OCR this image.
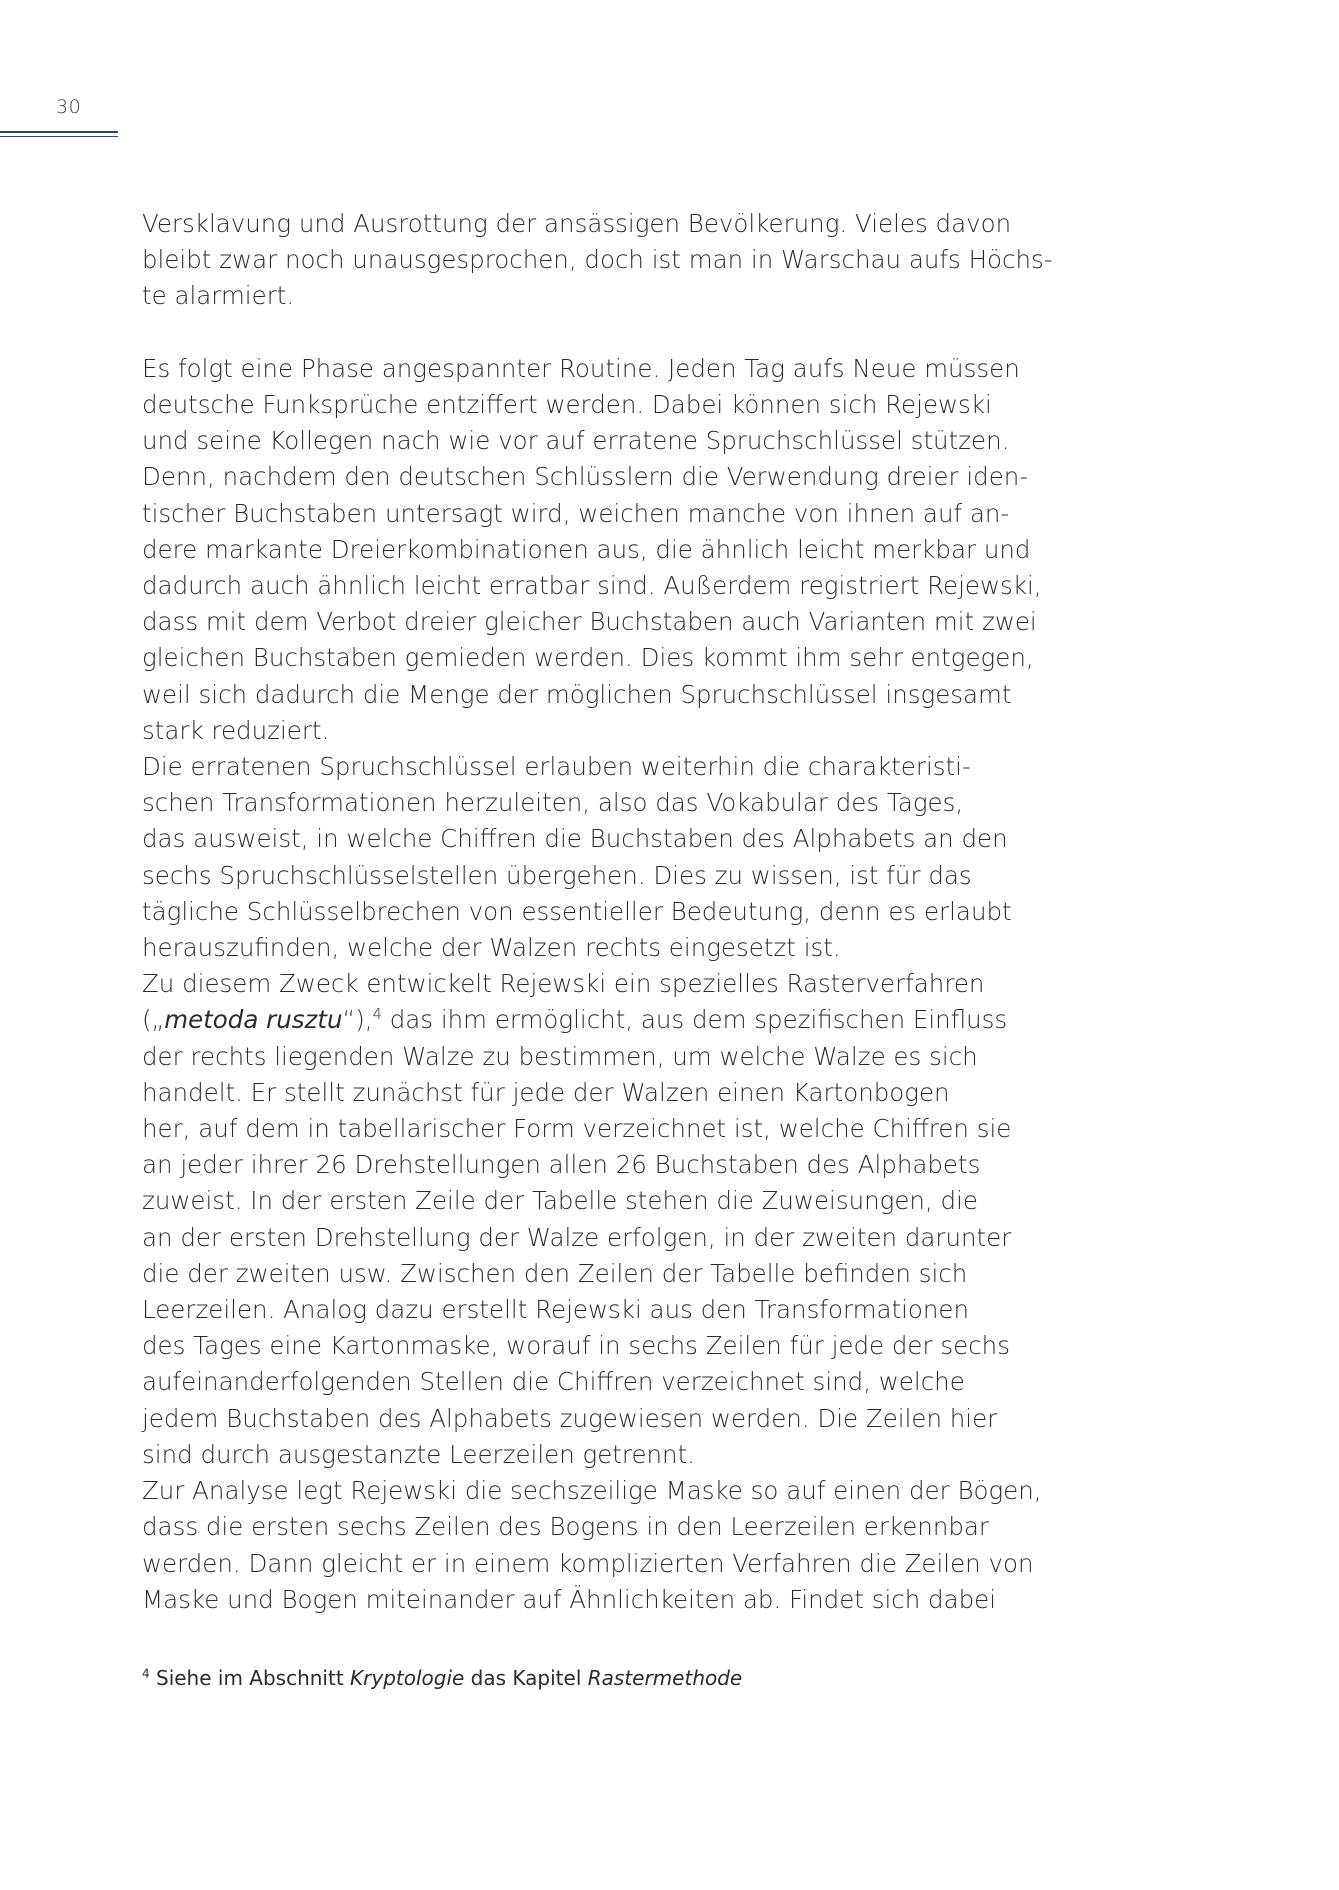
30
Versklavung und Ausrottung der ansässigen Bevölkerung. Vieles davon
bleibt zwar noch unausgesprochen, doch ist man in Warschau aufs Höchs-
te alarmiert.
Es folgt eine Phase angespannter Routine. Jeden Tag aufs Neue müssen
deutsche Funksprüche entziffert werden. Dabei können sich Rejewski
und seine Kollegen nach wie vor auf erratene Spruchschlüssel stützen.
Denn, nachdem den deutschen Schlüsslern die Verwendung dreier iden-
tischer Buchstaben untersagt wird, weichen manche von ihnen auf an-
dere markante Dreierkombinationen aus, die ähnlich leicht merkbar und
dadurch auch ähnlich leicht erratbar sind. Außerdem registriert Rejewski,
dass mit dem Verbot dreier gleicher Buchstaben auch Varianten mit zwei
gleichen Buchstaben gemieden werden. Dies kommt ihm sehr entgegen,
weil sich dadurch die Menge der möglichen Spruchschlüssel insgesamt
stark reduziert.
Die erratenen Spruchschlüssel erlauben weiterhin die charakteristi-
schen Transformationen herzuleiten, also das Vokabular des Tages,
das ausweist, in welche Chiffren die Buchstaben des Alphabets an den
sechs Spruchschlüsselstellen übergehen. Dies zu wissen, ist für das
tägliche Schlüsselbrechen von essentieller Bedeutung, denn es erlaubt
herauszufinden, welche der Walzen rechts eingesetzt ist.
Zu diesem Zweck entwickelt Rejewski ein spezielles Rasterverfahren
(„metoda rusztu“),$^4$ das ihm ermöglicht, aus dem spezifischen Einfluss
der rechts liegenden Walze zu bestimmen, um welche Walze es sich
handelt. Er stellt zunächst für jede der Walzen einen Kartonbogen
her, auf dem in tabellarischer Form verzeichnet ist, welche Chiffren sie
an jeder ihrer 26 Drehstellungen allen 26 Buchstaben des Alphabets
zuweist. In der ersten Zeile der Tabelle stehen die Zuweisungen, die
an der ersten Drehstellung der Walze erfolgen, in der zweiten darunter
die der zweiten usw. Zwischen den Zeilen der Tabelle befinden sich
Leerzeilen. Analog dazu erstellt Rejewski aus den Transformationen
des Tages eine Kartonmaske, worauf in sechs Zeilen für jede der sechs
aufeinanderfolgenden Stellen die Chiffren verzeichnet sind, welche
jedem Buchstaben des Alphabets zugewiesen werden. Die Zeilen hier
sind durch ausgestanzte Leerzeilen getrennt.
Zur Analyse legt Rejewski die sechszeilige Maske so auf einen der Bögen,
dass die ersten sechs Zeilen des Bogens in den Leerzeilen erkennbar
werden. Dann gleicht er in einem komplizierten Verfahren die Zeilen von
Maske und Bogen miteinander auf Ähnlichkeiten ab. Findet sich dabei
$^4$ Siehe im Abschnitt Kryptologie das Kapitel Rastermethode
